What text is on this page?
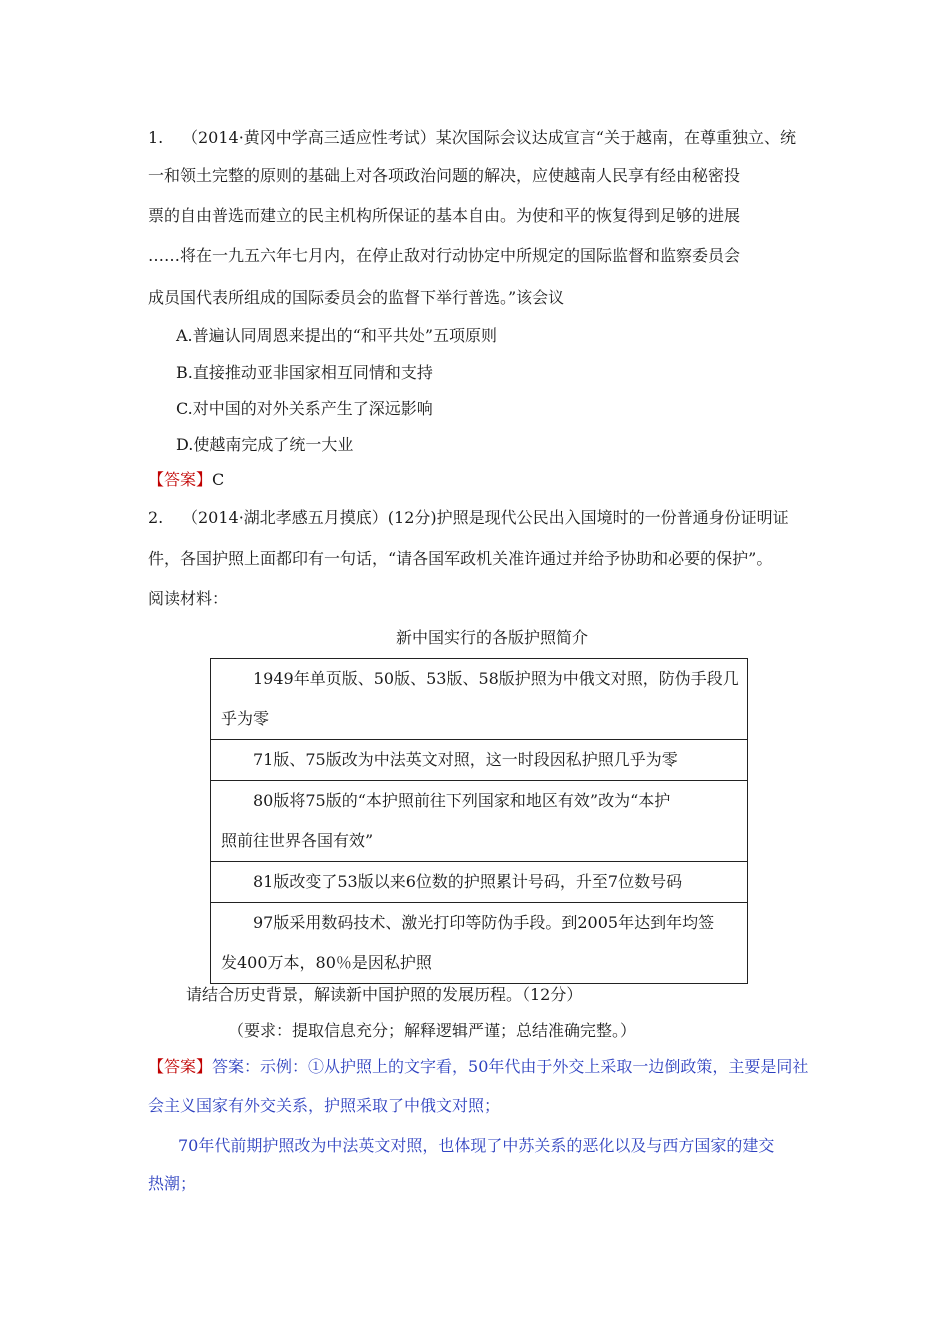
1. （2014·黄冈中学高三适应性考试）某次国际会议达成宣言“关于越南，在尊重独立、统
一和领土完整的原则的基础上对各项政治问题的解决，应使越南人民享有经由秘密投
票的自由普选而建立的民主机构所保证的基本自由。为使和平的恢复得到足够的进展
……将在一九五六年七月内，在停止敌对行动协定中所规定的国际监督和监察委员会
成员国代表所组成的国际委员会的监督下举行普选。”该会议
A.普遍认同周恩来提出的“和平共处”五项原则
B.直接推动亚非国家相互同情和支持
C.对中国的对外关系产生了深远影响
D.使越南完成了统一大业
【答案】C
2. （2014·湖北孝感五月摸底）(12分)护照是现代公民出入国境时的一份普通身份证明证
件，各国护照上面都印有一句话，“请各国军政机关准许通过并给予协助和必要的保护”。
阅读材料：
新中国实行的各版护照简介
1949年单页版、50版、53版、58版护照为中俄文对照，防伪手段几
乎为零

71版、75版改为中法英文对照，这一时段因私护照几乎为零

80版将75版的“本护照前往下列国家和地区有效”改为“本护
照前往世界各国有效”

81版改变了53版以来6位数的护照累计号码，升至7位数号码

97版采用数码技术、激光打印等防伪手段。到2005年达到年均签
发400万本，80％是因私护照
请结合历史背景，解读新中国护照的发展历程。（12分）
（要求：提取信息充分；解释逻辑严谨；总结准确完整。）
【答案】答案：示例：①从护照上的文字看，50年代由于外交上采取一边倒政策，主要是同社
会主义国家有外交关系，护照采取了中俄文对照；
70年代前期护照改为中法英文对照，也体现了中苏关系的恶化以及与西方国家的建交
热潮；
